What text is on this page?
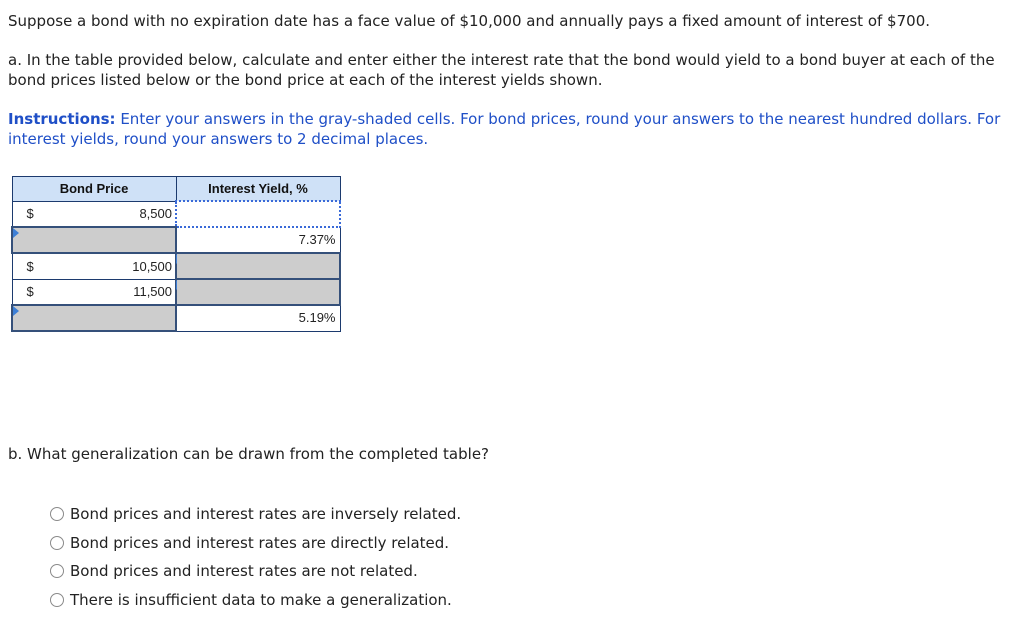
Suppose a bond with no expiration date has a face value of $10,000 and annually pays a fixed amount of interest of $700.
a. In the table provided below, calculate and enter either the interest rate that the bond would yield to a bond buyer at each of the bond prices listed below or the bond price at each of the interest yields shown.
Instructions: Enter your answers in the gray-shaded cells. For bond prices, round your answers to the nearest hundred dollars. For interest yields, round your answers to 2 decimal places.
Bond Price	Interest Yield, %

$ 8,500	

	7.37%

$ 10,500	

$ 11,500	

	5.19%
b. What generalization can be drawn from the completed table?
Bond prices and interest rates are inversely related.
Bond prices and interest rates are directly related.
Bond prices and interest rates are not related.
There is insufficient data to make a generalization.
